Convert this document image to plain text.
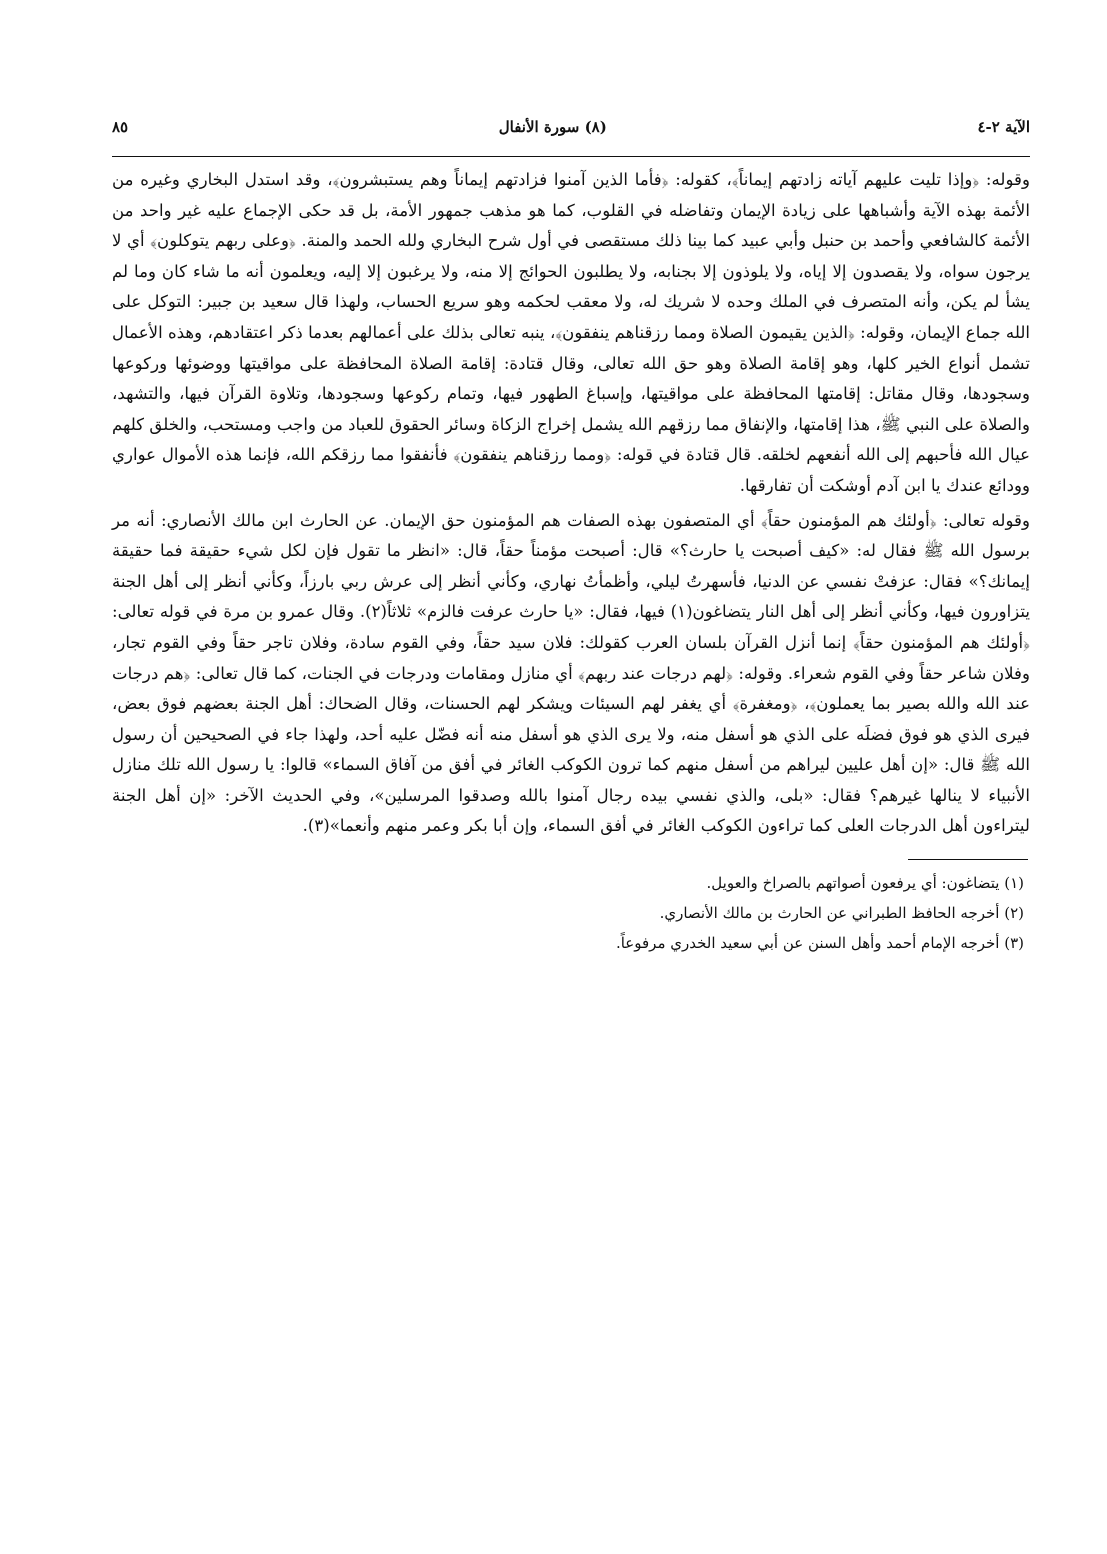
الآية ٢-٤
(٨) سورة الأنفال
٨٥

وقوله: ﴿وإذا تليت عليهم آياته زادتهم إيماناً﴾، كقوله: ﴿فأما الذين آمنوا فزادتهم إيماناً وهم يستبشرون﴾، وقد استدل البخاري وغيره من الأئمة بهذه الآية وأشباهها على زيادة الإيمان وتفاضله في القلوب، كما هو مذهب جمهور الأمة، بل قد حكى الإجماع عليه غير واحد من الأئمة كالشافعي وأحمد بن حنبل وأبي عبيد كما بينا ذلك مستقصى في أول شرح البخاري ولله الحمد والمنة. ﴿وعلى ربهم يتوكلون﴾ أي لا يرجون سواه، ولا يقصدون إلا إياه، ولا يلوذون إلا بجنابه، ولا يطلبون الحوائج إلا منه، ولا يرغبون إلا إليه، ويعلمون أنه ما شاء كان وما لم يشأ لم يكن، وأنه المتصرف في الملك وحده لا شريك له، ولا معقب لحكمه وهو سريع الحساب، ولهذا قال سعيد بن جبير: التوكل على الله جماع الإيمان، وقوله: ﴿الذين يقيمون الصلاة ومما رزقناهم ينفقون﴾، ينبه تعالى بذلك على أعمالهم بعدما ذكر اعتقادهم، وهذه الأعمال تشمل أنواع الخير كلها، وهو إقامة الصلاة وهو حق الله تعالى، وقال قتادة: إقامة الصلاة المحافظة على مواقيتها ووضوئها وركوعها وسجودها، وقال مقاتل: إقامتها المحافظة على مواقيتها، وإسباغ الطهور فيها، وتمام ركوعها وسجودها، وتلاوة القرآن فيها، والتشهد، والصلاة على النبي ﷺ، هذا إقامتها، والإنفاق مما رزقهم الله يشمل إخراج الزكاة وسائر الحقوق للعباد من واجب ومستحب، والخلق كلهم عيال الله فأحبهم إلى الله أنفعهم لخلقه. قال قتادة في قوله: ﴿ومما رزقناهم ينفقون﴾ فأنفقوا مما رزقكم الله، فإنما هذه الأموال عواري وودائع عندك يا ابن آدم أوشكت أن تفارقها.

وقوله تعالى: ﴿أولئك هم المؤمنون حقاً﴾ أي المتصفون بهذه الصفات هم المؤمنون حق الإيمان. عن الحارث ابن مالك الأنصاري: أنه مر برسول الله ﷺ فقال له: «كيف أصبحت يا حارث؟» قال: أصبحت مؤمناً حقاً، قال: «انظر ما تقول فإن لكل شيء حقيقة فما حقيقة إيمانك؟» فقال: عزفتْ نفسي عن الدنيا، فأسهرتُ ليلي، وأظمأتُ نهاري، وكأني أنظر إلى عرش ربي بارزاً، وكأني أنظر إلى أهل الجنة يتزاورون فيها، وكأني أنظر إلى أهل النار يتضاغون(١) فيها، فقال: «يا حارث عرفت فالزم» ثلاثاً(٢). وقال عمرو بن مرة في قوله تعالى: ﴿أولئك هم المؤمنون حقاً﴾ إنما أنزل القرآن بلسان العرب كقولك: فلان سيد حقاً، وفي القوم سادة، وفلان تاجر حقاً وفي القوم تجار، وفلان شاعر حقاً وفي القوم شعراء. وقوله: ﴿لهم درجات عند ربهم﴾ أي منازل ومقامات ودرجات في الجنات، كما قال تعالى: ﴿هم درجات عند الله والله بصير بما يعملون﴾، ﴿ومغفرة﴾ أي يغفر لهم السيئات ويشكر لهم الحسنات، وقال الضحاك: أهل الجنة بعضهم فوق بعض، فيرى الذي هو فوق فضلَه على الذي هو أسفل منه، ولا يرى الذي هو أسفل منه أنه فضّل عليه أحد، ولهذا جاء في الصحيحين أن رسول الله ﷺ قال: «إن أهل عليين ليراهم من أسفل منهم كما ترون الكوكب الغائر في أفق من آفاق السماء» قالوا: يا رسول الله تلك منازل الأنبياء لا ينالها غيرهم؟ فقال: «بلى، والذي نفسي بيده رجال آمنوا بالله وصدقوا المرسلين»، وفي الحديث الآخر: «إن أهل الجنة ليتراءون أهل الدرجات العلى كما تراءون الكوكب الغائر في أفق السماء، وإن أبا بكر وعمر منهم وأنعما»(٣).

(١) يتضاغون: أي يرفعون أصواتهم بالصراخ والعويل.
(٢) أخرجه الحافظ الطبراني عن الحارث بن مالك الأنصاري.
(٣) أخرجه الإمام أحمد وأهل السنن عن أبي سعيد الخدري مرفوعاً.
